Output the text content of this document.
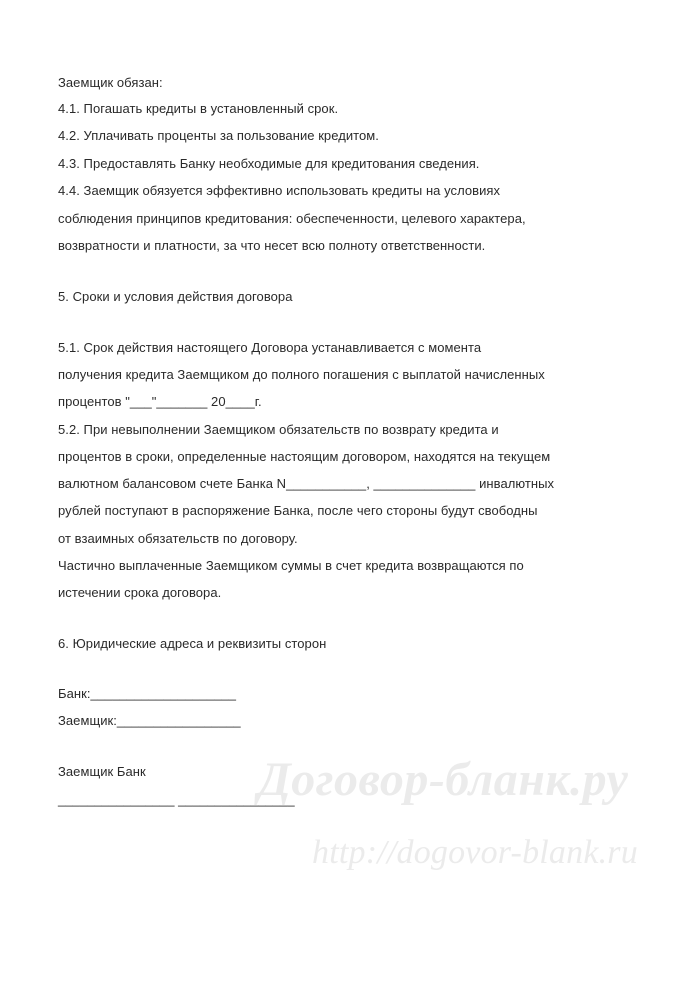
Договор-бланк.ру
http://dogovor-blank.ru
Заемщик обязан:
4.1. Погашать кредиты в установленный срок.
4.2. Уплачивать проценты за пользование кредитом.
4.3. Предоставлять Банку необходимые для кредитования сведения.
4.4. Заемщик обязуется эффективно использовать кредиты на условиях
соблюдения принципов кредитования: обеспеченности, целевого характера,
возвратности и платности, за что несет всю полноту ответственности.
5. Сроки и условия действия договора
5.1. Срок действия настоящего Договора устанавливается с момента
получения кредита Заемщиком до полного погашения с выплатой начисленных
процентов "___"_______ 20____г.
5.2. При невыполнении Заемщиком обязательств по возврату кредита и
процентов в сроки, определенные настоящим договором, находятся на текущем
валютном балансовом счете Банка N___________, ______________ инвалютных
рублей поступают в распоряжение Банка, после чего стороны будут свободны
от взаимных обязательств по договору.
Частично выплаченные Заемщиком суммы в счет кредита возвращаются по
истечении срока договора.
6. Юридические адреса и реквизиты сторон
Банк:____________________
Заемщик:_________________
Заемщик Банк
________________ ________________
